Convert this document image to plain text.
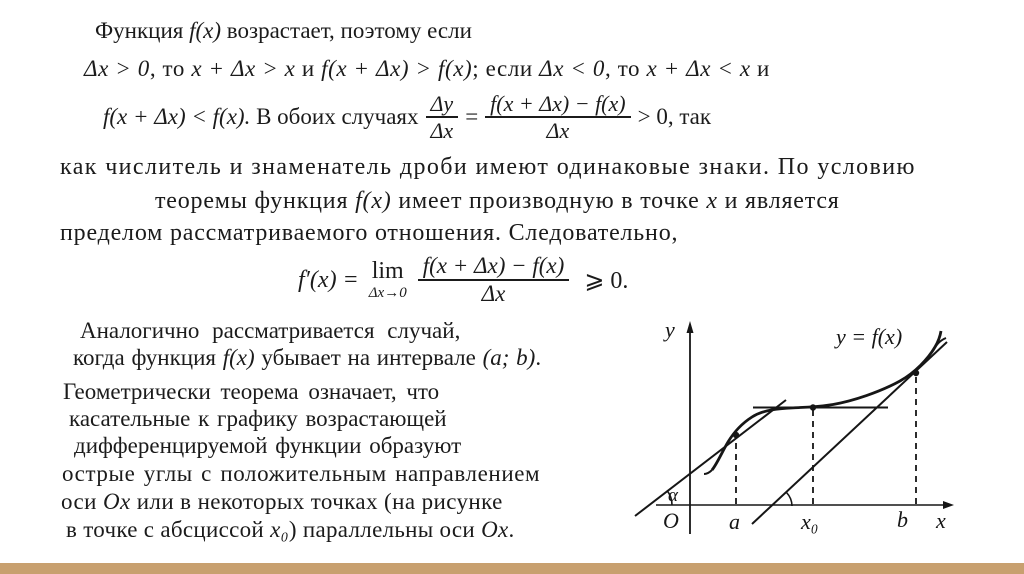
Функция f(x) возрастает, поэтому если
Δx > 0, то x + Δx > x и f(x + Δx) > f(x); если Δx < 0, то x + Δx < x и
f(x + Δx) < f(x). В обоих случаях $\frac{\Delta y}{\Delta x} = \frac{f(x + \Delta x) - f(x)}{\Delta x} > 0$, так
как числитель и знаменатель дроби имеют одинаковые знаки. По условию
теоремы функция f(x) имеет производную в точке x и является
пределом рассматриваемого отношения. Следовательно,
f′(x) = lim
$\Delta x\to 0 \frac{f(x + \Delta x) - f(x)}{\Delta x}$ ⩾ 0.
Аналогично рассматривается случай,
когда функция f(x) убывает на интервале (a; b).
Геометрически теорема означает, что
касательные к графику возрастающей
дифференцируемой функции образуют
острые углы с положительным направлением
оси Ox или в некоторых точках (на рисунке
в точке с абсциссой x₀) параллельны оси Ox.
y
x
O a	x₀	b
α
y = f(x)
